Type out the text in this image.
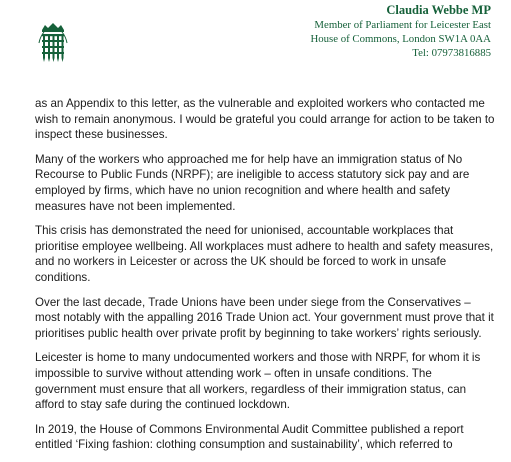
Claudia Webbe MP
Member of Parliament for Leicester East
House of Commons, London SW1A 0AA
Tel: 07973816885

as an Appendix to this letter, as the vulnerable and exploited workers who contacted me wish to remain anonymous. I would be grateful you could arrange for action to be taken to inspect these businesses.

Many of the workers who approached me for help have an immigration status of No Recourse to Public Funds (NRPF); are ineligible to access statutory sick pay and are employed by firms, which have no union recognition and where health and safety measures have not been implemented.

This crisis has demonstrated the need for unionised, accountable workplaces that prioritise employee wellbeing. All workplaces must adhere to health and safety measures, and no workers in Leicester or across the UK should be forced to work in unsafe conditions.

Over the last decade, Trade Unions have been under siege from the Conservatives – most notably with the appalling 2016 Trade Union act. Your government must prove that it prioritises public health over private profit by beginning to take workers’ rights seriously.

Leicester is home to many undocumented workers and those with NRPF, for whom it is impossible to survive without attending work – often in unsafe conditions. The government must ensure that all workers, regardless of their immigration status, can afford to stay safe during the continued lockdown.

In 2019, the House of Commons Environmental Audit Committee published a report entitled ‘Fixing fashion: clothing consumption and sustainability’, which referred to
